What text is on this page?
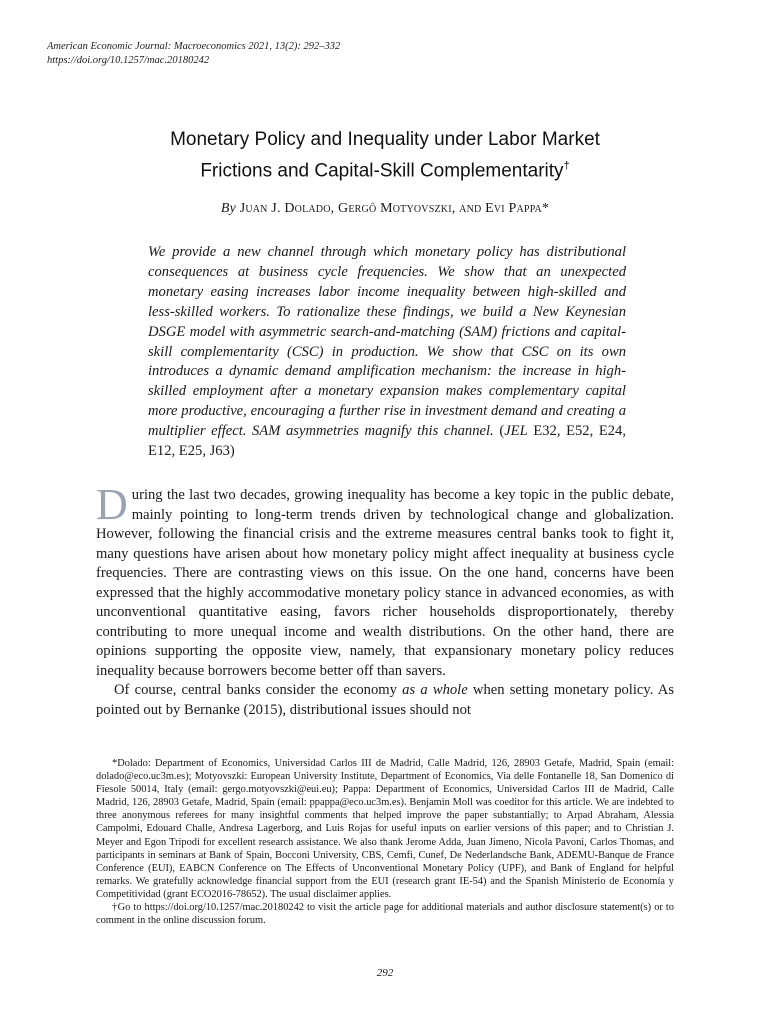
American Economic Journal: Macroeconomics 2021, 13(2): 292–332
https://doi.org/10.1257/mac.20180242
Monetary Policy and Inequality under Labor Market
Frictions and Capital-Skill Complementarity†
By Juan J. Dolado, Gergő Motyovszki, and Evi Pappa*
We provide a new channel through which monetary policy has distributional consequences at business cycle frequencies. We show that an unexpected monetary easing increases labor income inequality between high-skilled and less-skilled workers. To rationalize these findings, we build a New Keynesian DSGE model with asymmetric search-and-matching (SAM) frictions and capital-skill complementarity (CSC) in production. We show that CSC on its own introduces a dynamic demand amplification mechanism: the increase in high-skilled employment after a monetary expansion makes complementary capital more productive, encouraging a further rise in investment demand and creating a multiplier effect. SAM asymmetries magnify this channel. (JEL E32, E52, E24, E12, E25, J63)

During the last two decades, growing inequality has become a key topic in the public debate, mainly pointing to long-term trends driven by technological change and globalization. However, following the financial crisis and the extreme measures central banks took to fight it, many questions have arisen about how monetary policy might affect inequality at business cycle frequencies. There are contrasting views on this issue. On the one hand, concerns have been expressed that the highly accommodative monetary policy stance in advanced economies, as with unconventional quantitative easing, favors richer households disproportionately, thereby contributing to more unequal income and wealth distributions. On the other hand, there are opinions supporting the opposite view, namely, that expansionary monetary policy reduces inequality because borrowers become better off than savers.

Of course, central banks consider the economy as a whole when setting monetary policy. As pointed out by Bernanke (2015), distributional issues should not

*Dolado: Department of Economics, Universidad Carlos III de Madrid, Calle Madrid, 126, 28903 Getafe, Madrid, Spain (email: dolado@eco.uc3m.es); Motyovszki: European University Institute, Department of Economics, Via delle Fontanelle 18, San Domenico di Fiesole 50014, Italy (email: gergo.motyovszki@eui.eu); Pappa: Department of Economics, Universidad Carlos III de Madrid, Calle Madrid, 126, 28903 Getafe, Madrid, Spain (email: ppappa@eco.uc3m.es). Benjamin Moll was coeditor for this article. We are indebted to three anonymous referees for many insightful comments that helped improve the paper substantially; to Arpad Abraham, Alessia Campolmi, Edouard Challe, Andresa Lagerborg, and Luis Rojas for useful inputs on earlier versions of this paper; and to Christian J. Meyer and Egon Tripodi for excellent research assistance. We also thank Jerome Adda, Juan Jimeno, Nicola Pavoni, Carlos Thomas, and participants in seminars at Bank of Spain, Bocconi University, CBS, Cemfi, Cunef, De Nederlandsche Bank, ADEMU-Banque de France Conference (EUI), EABCN Conference on The Effects of Unconventional Monetary Policy (UPF), and Bank of England for helpful remarks. We gratefully acknowledge financial support from the EUI (research grant IE-54) and the Spanish Ministerio de Economía y Competitividad (grant ECO2016-78652). The usual disclaimer applies.

†Go to https://doi.org/10.1257/mac.20180242 to visit the article page for additional materials and author disclosure statement(s) or to comment in the online discussion forum.

292
